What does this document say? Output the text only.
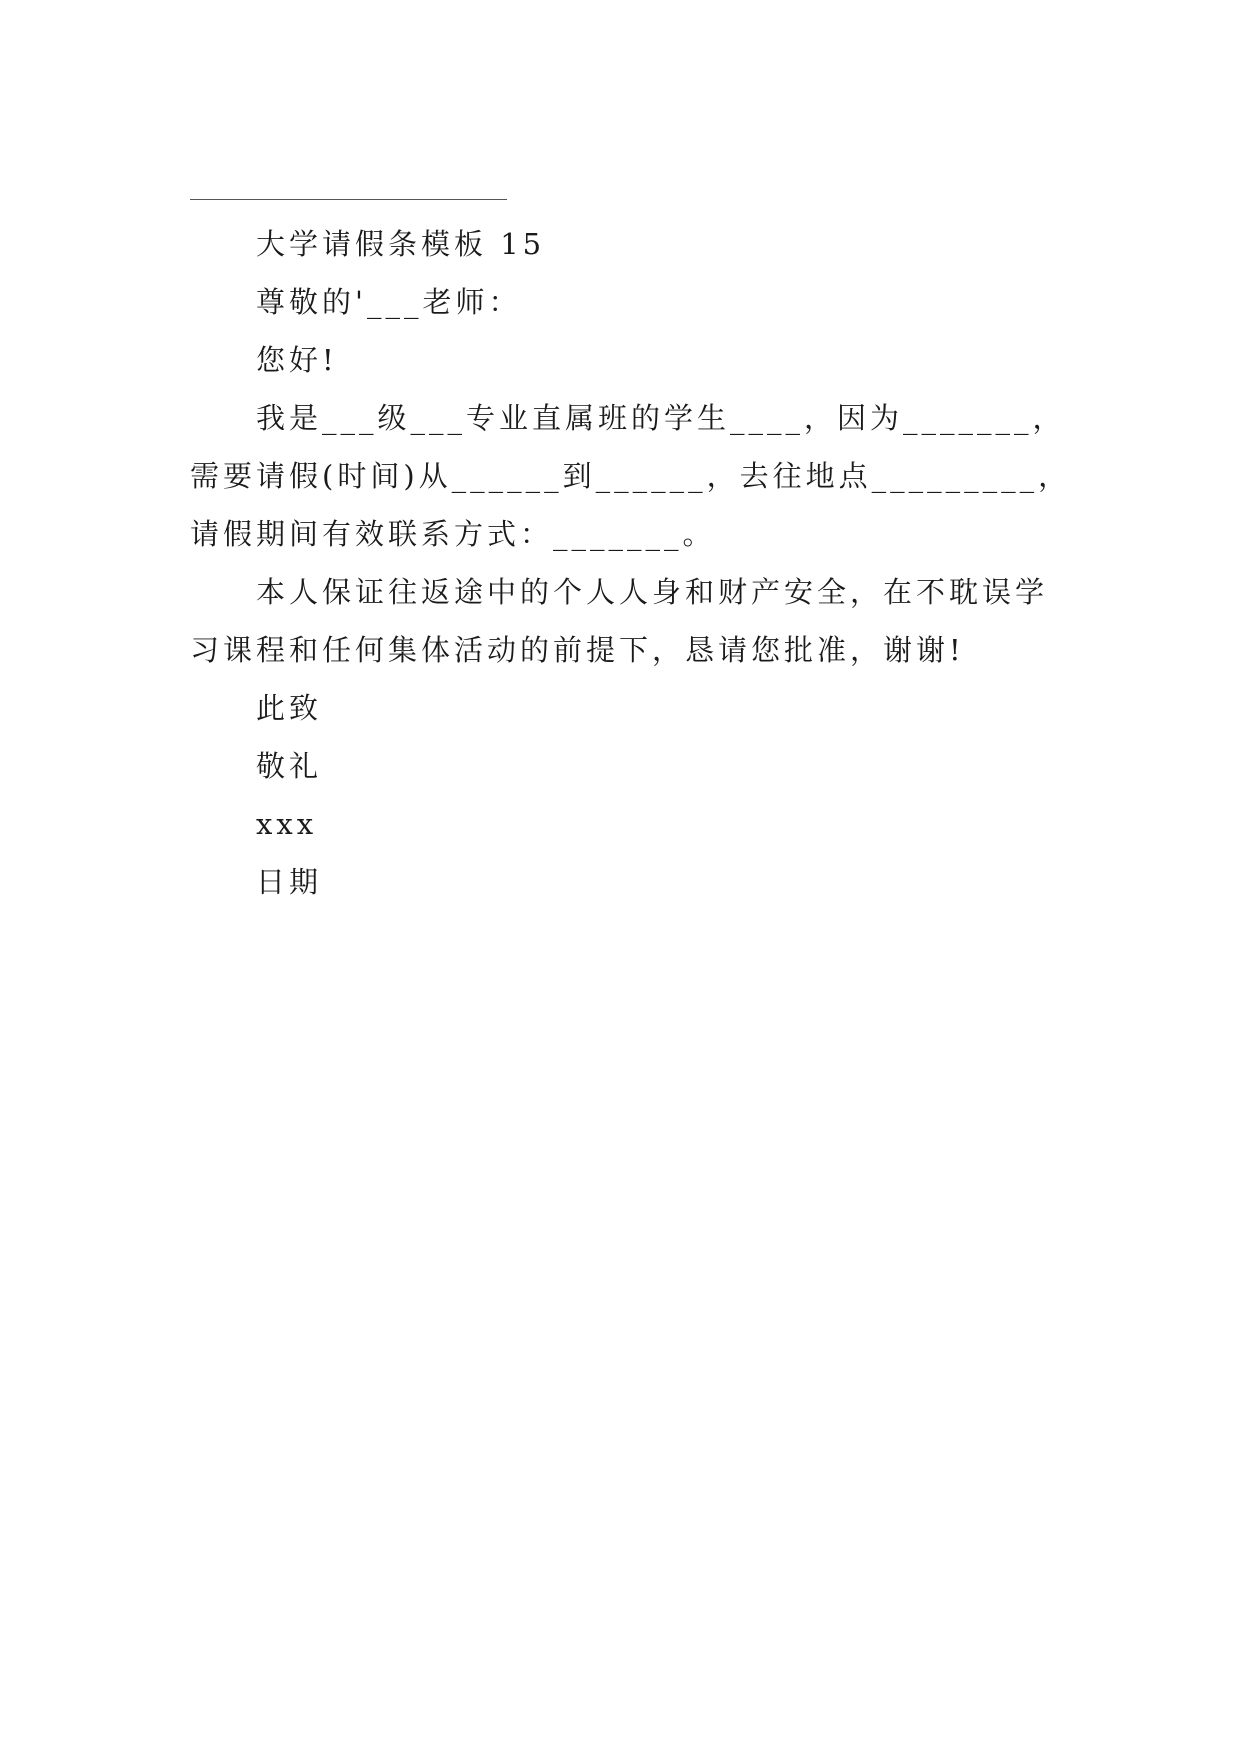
大学请假条模板 15

尊敬的'___老师：

您好!

我是___级___专业直属班的学生____，因为_______，
需要请假(时间)从______到______，去往地点_________，
请假期间有效联系方式：_______。
本人保证往返途中的个人人身和财产安全，在不耽误学
习课程和任何集体活动的前提下，恳请您批准，谢谢!

此致

敬礼

xxx

日期
